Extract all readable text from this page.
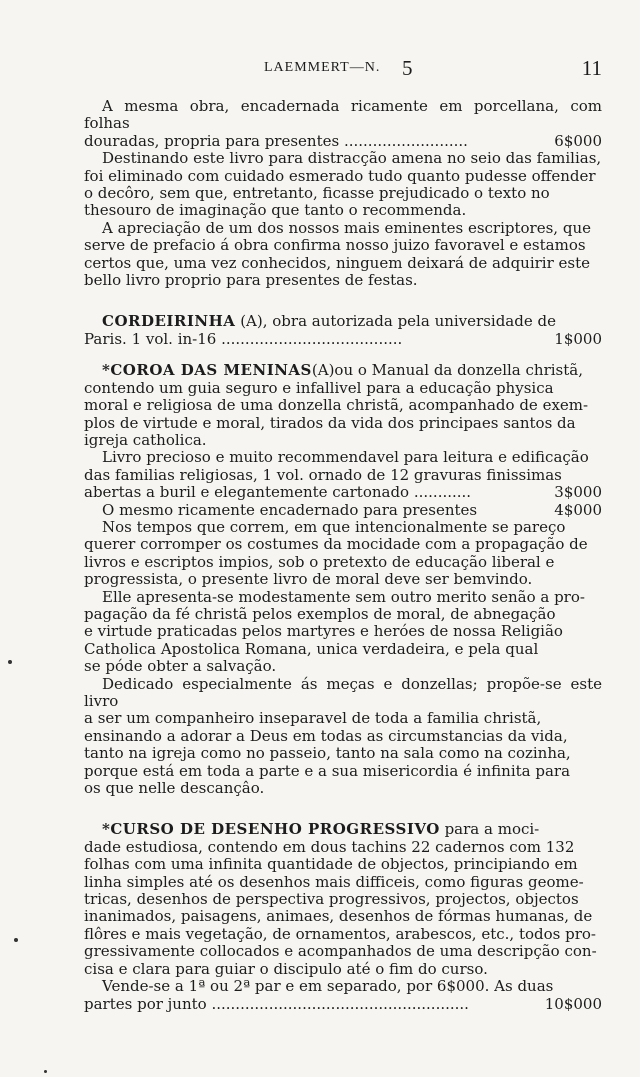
LAEMMERT—N. 5	11
A mesma obra, encadernada ricamente em porcellana, com folhas
douradas, propria para presentes ..........................	6$000
Destinando este livro para distracção amena no seio das familias,
foi eliminado com cuidado esmerado tudo quanto pudesse offender
o decôro, sem que, entretanto, ficasse prejudicado o texto no
thesouro de imaginação que tanto o recommenda.
A apreciação de um dos nossos mais eminentes escriptores, que
serve de prefacio á obra confirma nosso juizo favoravel e estamos
certos que, uma vez conhecidos, ninguem deixará de adquirir este
bello livro proprio para presentes de festas.
CORDEIRINHA (A), obra autorizada pela universidade de
Paris. 1 vol. in-16 ......................................	1$000
*COROA DAS MENINAS(A)ou o Manual da donzella christã,
contendo um guia seguro e infallivel para a educação physica
moral e religiosa de uma donzella christã, acompanhado de exem-
plos de virtude e moral, tirados da vida dos principaes santos da
igreja catholica.
Livro precioso e muito recommendavel para leitura e edificação
das familias religiosas, 1 vol. ornado de 12 gravuras finissimas
abertas a buril e elegantemente cartonado ............	3$000
O mesmo ricamente encadernado para presentes	4$000
Nos tempos que correm, em que intencionalmente se pareço
querer corromper os costumes da mocidade com a propagação de
livros e escriptos impios, sob o pretexto de educação liberal e
progressista, o presente livro de moral deve ser bemvindo.
Elle apresenta-se modestamente sem outro merito senão a pro-
pagação da fé christã pelos exemplos de moral, de abnegação
e virtude praticadas pelos martyres e heróes de nossa Religião
Catholica Apostolica Romana, unica verdadeira, e pela qual
se póde obter a salvação.
Dedicado especialmente ás meças e donzellas; propõe-se este livro
a ser um companheiro inseparavel de toda a familia christã,
ensinando a adorar a Deus em todas as circumstancias da vida,
tanto na igreja como no passeio, tanto na sala como na cozinha,
porque está em toda a parte e a sua misericordia é infinita para
os que nelle descançâo.
*CURSO DE DESENHO PROGRESSIVO para a moci-
dade estudiosa, contendo em dous tachins 22 cadernos com 132
folhas com uma infinita quantidade de objectos, principiando em
linha simples até os desenhos mais difficeis, como figuras geome-
tricas, desenhos de perspectiva progressivos, projectos, objectos
inanimados, paisagens, animaes, desenhos de fórmas humanas, de
flôres e mais vegetação, de ornamentos, arabescos, etc., todos pro-
gressivamente collocados e acompanhados de uma descripção con-
cisa e clara para guiar o discipulo até o fim do curso.
Vende-se a 1ª ou 2ª par e em separado, por 6$000. As duas
partes por junto ......................................................	10$000
